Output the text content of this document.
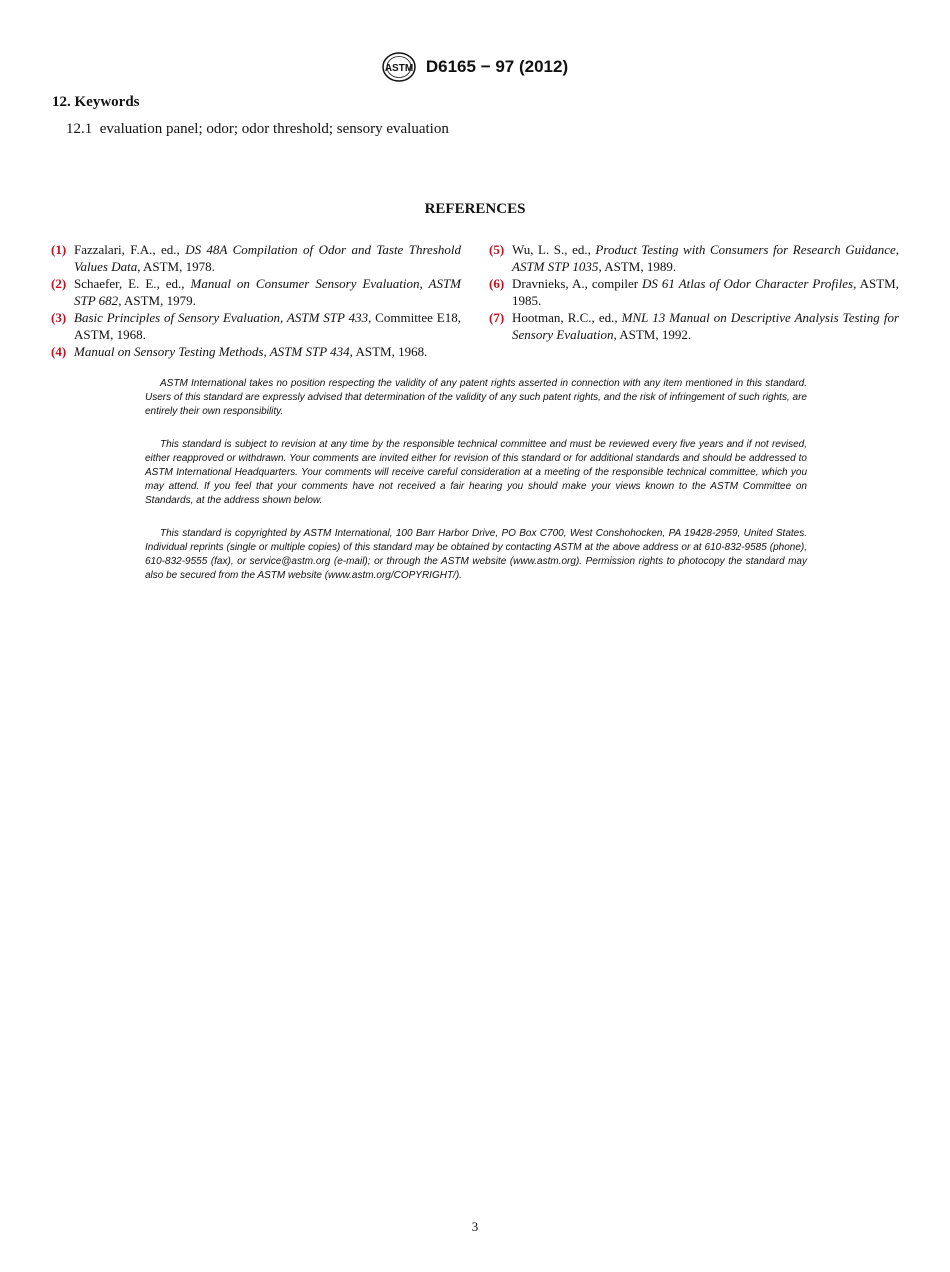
ASTM D6165 − 97 (2012)
12. Keywords
12.1 evaluation panel; odor; odor threshold; sensory evaluation
REFERENCES
(1) Fazzalari, F.A., ed., DS 48A Compilation of Odor and Taste Threshold Values Data, ASTM, 1978.
(2) Schaefer, E. E., ed., Manual on Consumer Sensory Evaluation, ASTM STP 682, ASTM, 1979.
(3) Basic Principles of Sensory Evaluation, ASTM STP 433, Committee E18, ASTM, 1968.
(4) Manual on Sensory Testing Methods, ASTM STP 434, ASTM, 1968.
(5) Wu, L. S., ed., Product Testing with Consumers for Research Guidance, ASTM STP 1035, ASTM, 1989.
(6) Dravnieks, A., compiler DS 61 Atlas of Odor Character Profiles, ASTM, 1985.
(7) Hootman, R.C., ed., MNL 13 Manual on Descriptive Analysis Testing for Sensory Evaluation, ASTM, 1992.
ASTM International takes no position respecting the validity of any patent rights asserted in connection with any item mentioned in this standard. Users of this standard are expressly advised that determination of the validity of any such patent rights, and the risk of infringement of such rights, are entirely their own responsibility.
This standard is subject to revision at any time by the responsible technical committee and must be reviewed every five years and if not revised, either reapproved or withdrawn. Your comments are invited either for revision of this standard or for additional standards and should be addressed to ASTM International Headquarters. Your comments will receive careful consideration at a meeting of the responsible technical committee, which you may attend. If you feel that your comments have not received a fair hearing you should make your views known to the ASTM Committee on Standards, at the address shown below.
This standard is copyrighted by ASTM International, 100 Barr Harbor Drive, PO Box C700, West Conshohocken, PA 19428-2959, United States. Individual reprints (single or multiple copies) of this standard may be obtained by contacting ASTM at the above address or at 610-832-9585 (phone), 610-832-9555 (fax), or service@astm.org (e-mail); or through the ASTM website (www.astm.org). Permission rights to photocopy the standard may also be secured from the ASTM website (www.astm.org/COPYRIGHT/).
3
